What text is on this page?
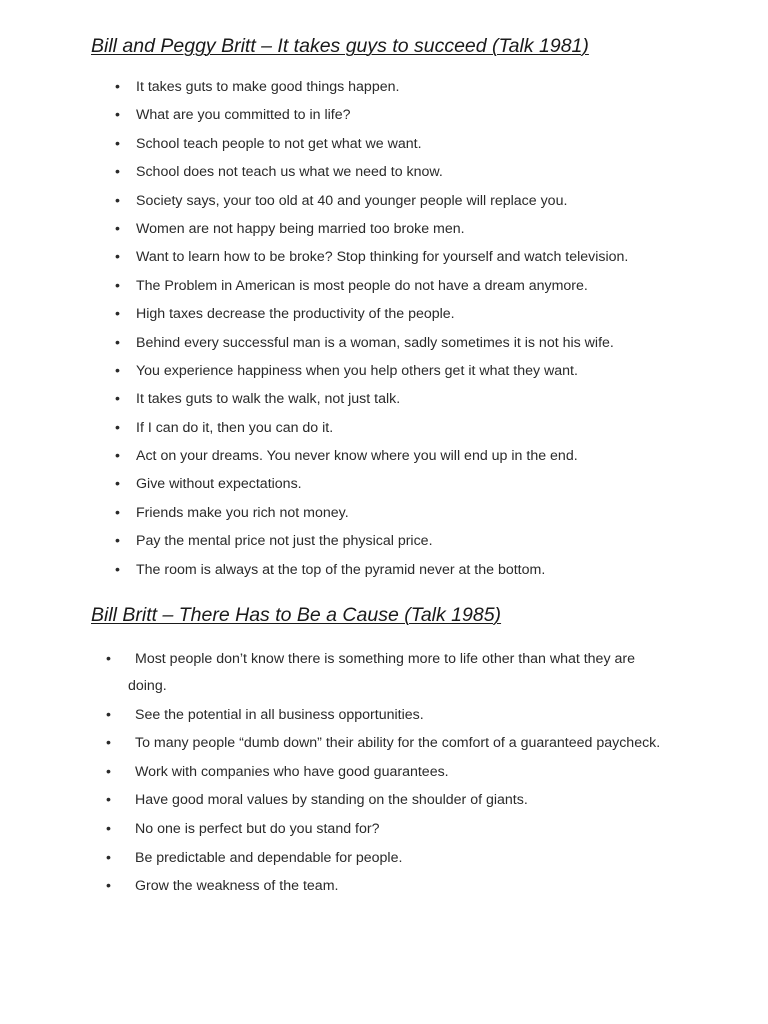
Bill and Peggy Britt – It takes guys to succeed (Talk 1981)
• It takes guts to make good things happen.
• What are you committed to in life?
• School teach people to not get what we want.
• School does not teach us what we need to know.
• Society says, your too old at 40 and younger people will replace you.
• Women are not happy being married too broke men.
• Want to learn how to be broke? Stop thinking for yourself and watch television.
• The Problem in American is most people do not have a dream anymore.
• High taxes decrease the productivity of the people.
• Behind every successful man is a woman, sadly sometimes it is not his wife.
• You experience happiness when you help others get it what they want.
• It takes guts to walk the walk, not just talk.
• If I can do it, then you can do it.
• Act on your dreams. You never know where you will end up in the end.
• Give without expectations.
• Friends make you rich not money.
• Pay the mental price not just the physical price.
• The room is always at the top of the pyramid never at the bottom.
Bill Britt – There Has to Be a Cause (Talk 1985)
•	Most people don’t know there is something more to life other than what they are doing.
•	See the potential in all business opportunities.
•	To many people “dumb down” their ability for the comfort of a guaranteed paycheck.
•	Work with companies who have good guarantees.
•	Have good moral values by standing on the shoulder of giants.
•	No one is perfect but do you stand for?
•	Be predictable and dependable for people.
•	Grow the weakness of the team.
